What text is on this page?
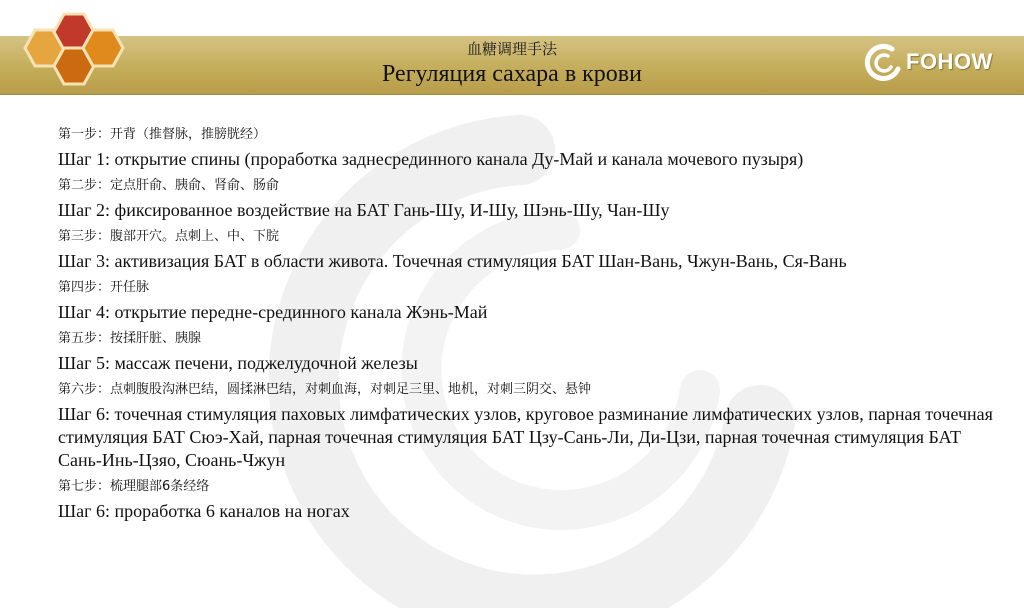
血糖调理手法
Регуляция сахара в крови	FOHOW
第一步：开背（推督脉，推膀胱经）
Шаг 1: открытие спины (проработка заднесрединного канала Ду-Май и канала мочевого пузыря)
第二步：定点肝俞、胰俞、肾俞、肠俞
Шаг 2: фиксированное воздействие на БАТ Гань-Шу, И-Шу, Шэнь-Шу, Чан-Шу
第三步：腹部开穴。点刺上、中、下脘
Шаг 3: активизация БАТ в области живота. Точечная стимуляция БАТ Шан-Вань, Чжун-Вань, Ся-Вань
第四步：开任脉
Шаг 4: открытие передне-срединного канала Жэнь-Май
第五步：按揉肝脏、胰腺
Шаг 5: массаж печени, поджелудочной железы
第六步：点刺腹股沟淋巴结，圆揉淋巴结，对刺血海，对刺足三里、地机，对刺三阴交、悬钟
Шаг 6: точечная стимуляция паховых лимфатических узлов, круговое разминание лимфатических узлов, парная точечная стимуляция БАТ Сюэ-Хай, парная точечная стимуляция БАТ Цзу-Сань-Ли, Ди-Цзи, парная точечная стимуляция БАТ Сань-Инь-Цзяо, Сюань-Чжун
第七步：梳理腿部6条经络
Шаг 6: проработка 6 каналов на ногах
